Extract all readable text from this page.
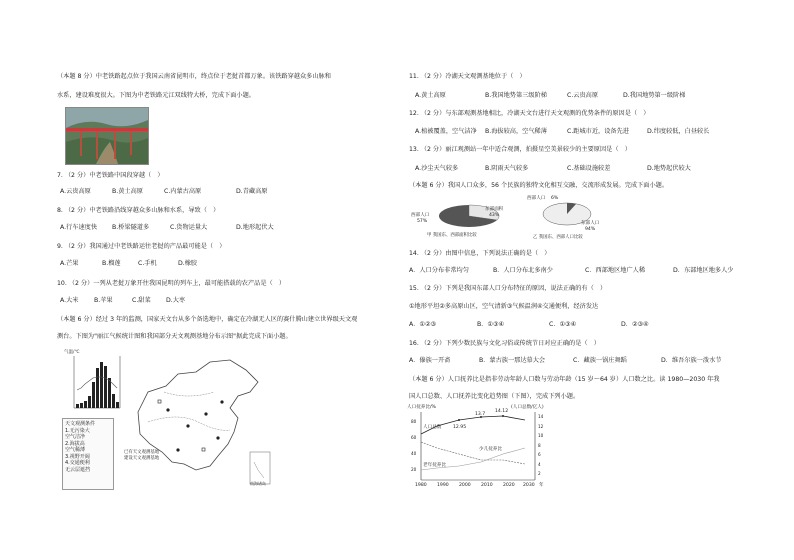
（本题 8 分）中老铁路起点位于我国云南省昆明市，终点位于老挝首都万象。该铁路穿越众多山脉和
水系，建设难度很大。下图为中老铁路元江双线特大桥，完成下面小题。
7. （2 分）中老铁路中国段穿越（　）
A.云贵高原	B.黄土高原	C.内蒙古高原	D.青藏高原
8. （2 分）中老铁路沿线穿越众多山脉和水系，导致（　）
A.行车速度快 B.桥梁隧道多	C.货物运量大	D.地形起伏大
9. （2 分）我国通过中老铁路运往老挝的产品最可能是（　）
A.芒果	B.榴莲	C.手机	D.橡胶
10. （2 分）一列从老挝万象开往我国昆明的列车上，最可能搭载的农产品是（　）
A.大米	B.苹果	C.甜菜 D.大枣
（本题 6 分）经过 3 年的监测，国家天文台从多个备选地中，确定在冷湖无人区的赛什腾山建立世界级天文观
测台。下图为"丽江气候统计图和我国部分天文观测基地分布示图"据此完成下面小题。
气温/℃
天文观测条件
1.无污染大
空气洁净
2.海拔高
空气稀薄
3.视野开阔
4.交通便利
无云层遮挡
已有天文观测基地
建设天文观测基地
南海诸岛
11. （2 分）冷湖天文观测基地位于（　）
A.黄土高原	B.我国地势第三级阶梯	C.云贵高原	D.我国地势第一级阶梯
12. （2 分）与东部观测基地相比，冷湖天文台进行天文观测的优势条件的原因是（　）
A.植被覆盖，空气洁净 B.海拔较高，空气稀薄	C.距城市近，设备先进	D.纬度较低，白昼较长
13. （2 分）丽江观测站一年中适合观测，拍摄星空美景较少的主要原因是（　）
A.沙尘天气较多	B.阴雨天气较多	C.基础设施较差	D.地势起伏较大
（本题 6 分）我国人口众多，56 个民族的独特文化相互交融，交流形成发展。完成下面小题。
西部人口
57%
东部面积
43%
甲 我国东、西部面积比较
西部人口 6%
东部人口
94%
乙 我国东、西部人口比较
14. （2 分）由图中信息，下列说法正确的是（　）
A．人口分布非常均匀	B．人口分布北多南少	C．西部地区地广人稀	D．东部地区地多人少
15. （2 分）下列是我国东部人口分布特征的原因，说法正确的有（　）
①地形平坦②多高原山区，空气清新③气候温润④交通便利，经济发达
A．①②③	B．①③④	C．①③④	D．②③④
16. （2 分）下列少数民族与文化习俗或传统节日对应正确的是（　）
A．傣族一开斋	B．蒙古族一那达慕大会	C．藏族一锅庄舞蹈	D．维吾尔族一泼水节
（本题 6 分）人口抚养比是指非劳动年龄人口数与劳动年龄（15 岁～64 岁）人口数之比。读 1980—2030 年我
国人口总数、人口抚养比变化趋势图（下图），完成下列小题。
人口抚养比/%	(人口总数/亿人)
人口总数	12.95
13.7
14.12
少儿抚养比
老年抚养比
1980 1990 2000 2010 2020 2030 年
80
60
40
20
14
12
10
8
6
4
2
